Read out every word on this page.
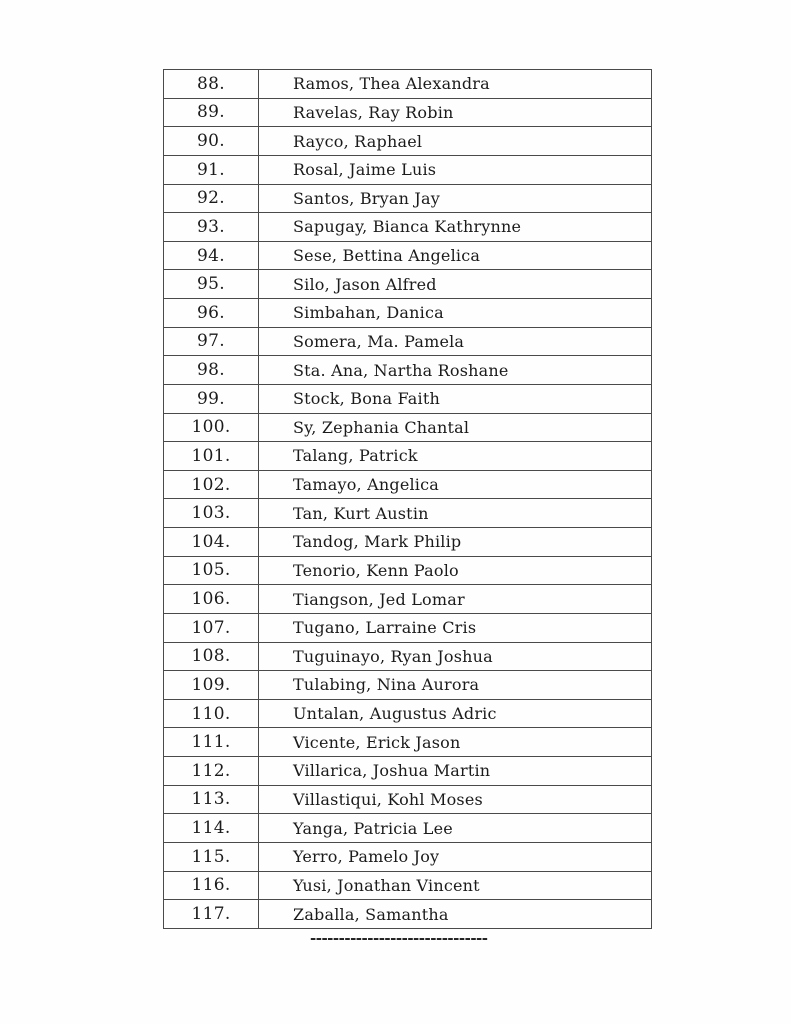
88.	Ramos, Thea Alexandra
89.	Ravelas, Ray Robin
90.	Rayco, Raphael
91.	Rosal, Jaime Luis
92.	Santos, Bryan Jay
93.	Sapugay, Bianca Kathrynne
94.	Sese, Bettina Angelica
95.	Silo, Jason Alfred
96.	Simbahan, Danica
97.	Somera, Ma. Pamela
98.	Sta. Ana, Nartha Roshane
99.	Stock, Bona Faith
100.	Sy, Zephania Chantal
101.	Talang, Patrick
102.	Tamayo, Angelica
103.	Tan, Kurt Austin
104.	Tandog, Mark Philip
105.	Tenorio, Kenn Paolo
106.	Tiangson, Jed Lomar
107.	Tugano, Larraine Cris
108.	Tuguinayo, Ryan Joshua
109.	Tulabing, Nina Aurora
110.	Untalan, Augustus Adric
111.	Vicente, Erick Jason
112.	Villarica, Joshua Martin
113.	Villastiqui, Kohl Moses
114.	Yanga, Patricia Lee
115.	Yerro, Pamelo Joy
116.	Yusi, Jonathan Vincent
117.	Zaballa, Samantha
-------------------------------
